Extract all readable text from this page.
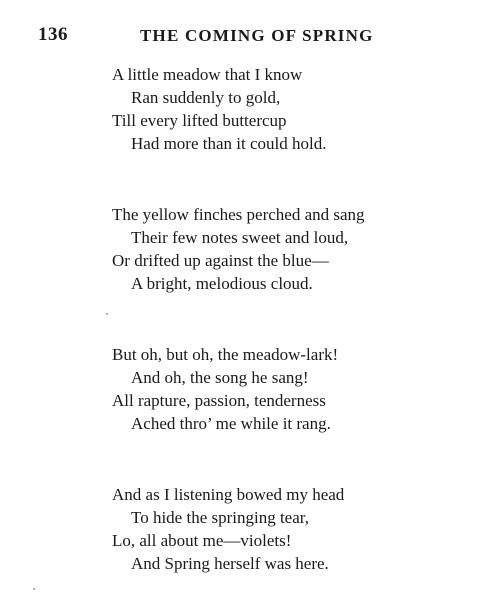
136	THE COMING OF SPRING
A little meadow that I know
Ran suddenly to gold,
Till every lifted buttercup
Had more than it could hold.
The yellow finches perched and sang
Their few notes sweet and loud,
Or drifted up against the blue—
A bright, melodious cloud.
But oh, but oh, the meadow-lark!
And oh, the song he sang!
All rapture, passion, tenderness
Ached thro’ me while it rang.
And as I listening bowed my head
To hide the springing tear,
Lo, all about me—violets!
And Spring herself was here.
